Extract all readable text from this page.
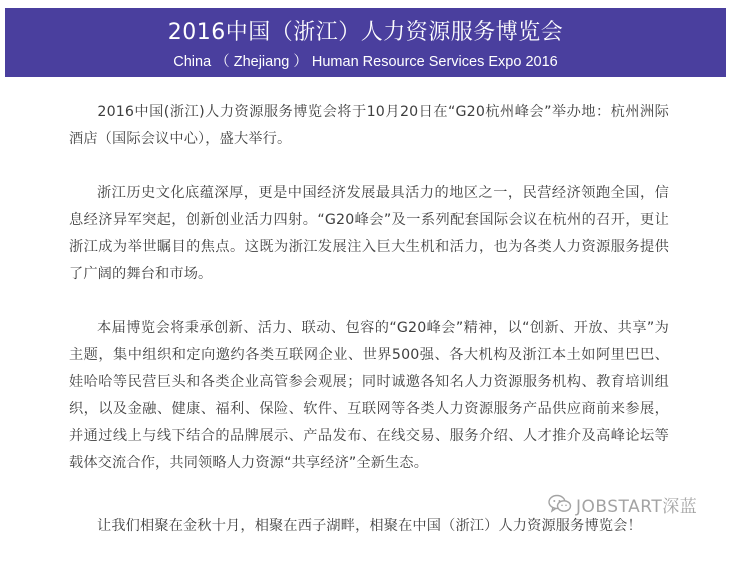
2016中国（浙江）人力资源服务博览会
China （ Zhejiang ） Human Resource Services Expo 2016

2016中国(浙江)人力资源服务博览会将于10月20日在“G20杭州峰会”举办地：杭州洲际酒店（国际会议中心），盛大举行。

浙江历史文化底蕴深厚，更是中国经济发展最具活力的地区之一，民营经济领跑全国，信息经济异军突起，创新创业活力四射。“G20峰会”及一系列配套国际会议在杭州的召开，更让浙江成为举世瞩目的焦点。这既为浙江发展注入巨大生机和活力，也为各类人力资源服务提供了广阔的舞台和市场。

本届博览会将秉承创新、活力、联动、包容的“G20峰会”精神，以“创新、开放、共享”为主题，集中组织和定向邀约各类互联网企业、世界500强、各大机构及浙江本土如阿里巴巴、娃哈哈等民营巨头和各类企业高管参会观展；同时诚邀各知名人力资源服务机构、教育培训组织，以及金融、健康、福利、保险、软件、互联网等各类人力资源服务产品供应商前来参展，并通过线上与线下结合的品牌展示、产品发布、在线交易、服务介绍、人才推介及高峰论坛等载体交流合作，共同领略人力资源“共享经济”全新生态。

让我们相聚在金秋十月，相聚在西子湖畔，相聚在中国（浙江）人力资源服务博览会！

JOBSTART深蓝
